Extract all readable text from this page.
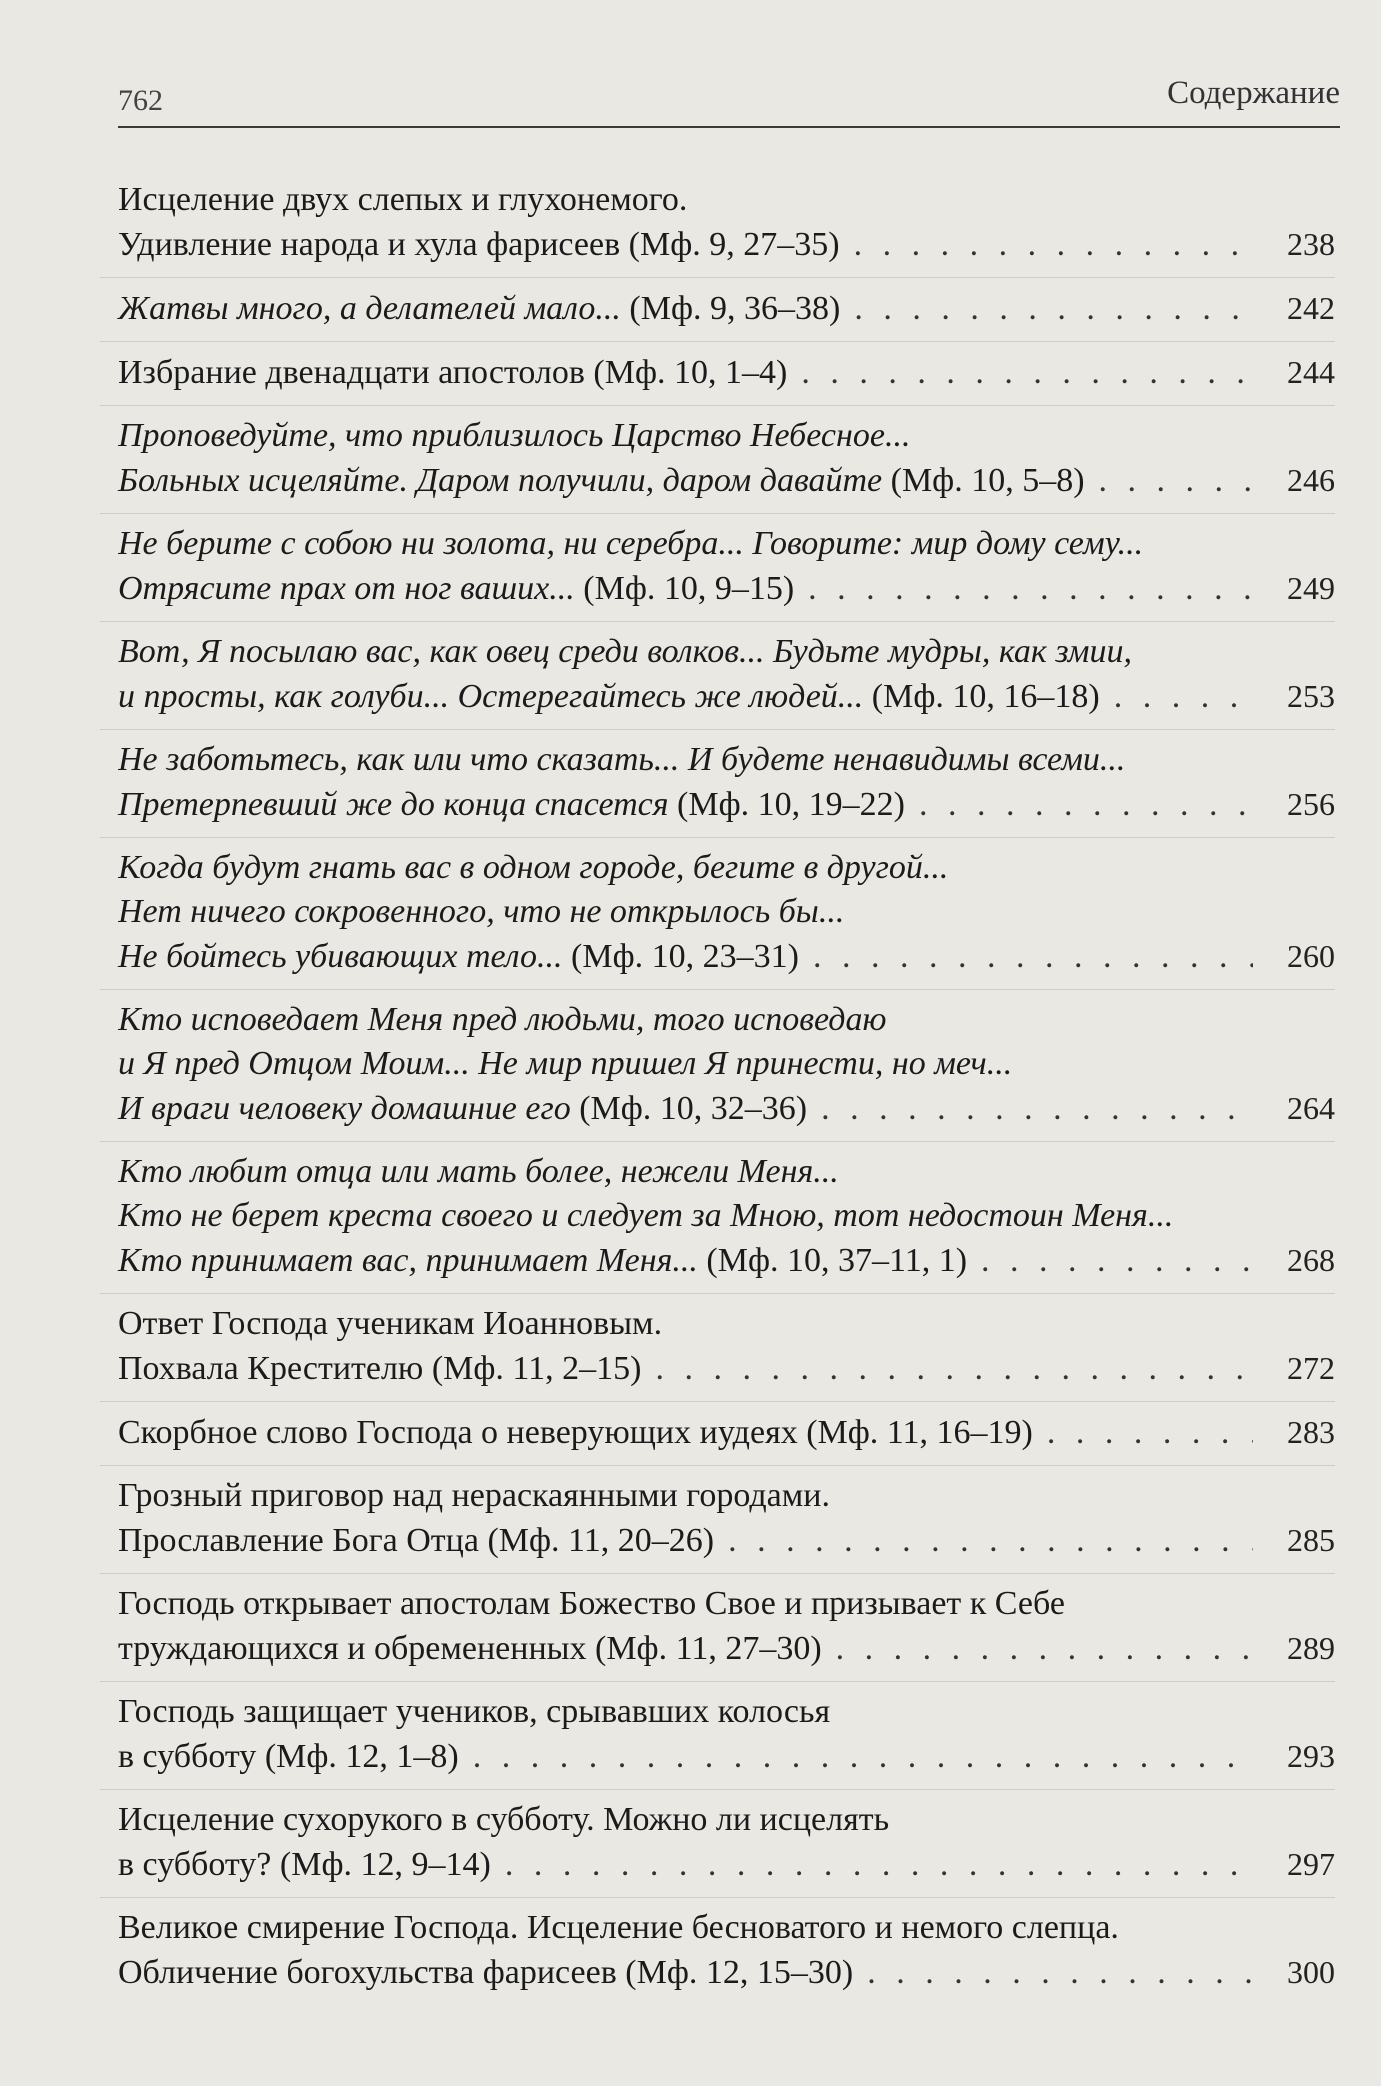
762	Содержание
Исцеление двух слепых и глухонемого.
Удивление народа и хула фарисеев (Мф. 9, 27–35) . . .	238
Жатвы много, а делателей мало... (Мф. 9, 36–38) . . .	242
Избрание двенадцати апостолов (Мф. 10, 1–4) . . .	244
Проповедуйте, что приблизилось Царство Небесное...
Больных исцеляйте. Даром получили, даром давайте (Мф. 10, 5–8) . . .	246
Не берите с собою ни золота, ни серебра... Говорите: мир дому сему...
Отрясите прах от ног ваших... (Мф. 10, 9–15) . . .	249
Вот, Я посылаю вас, как овец среди волков... Будьте мудры, как змии,
и просты, как голуби... Остерегайтесь же людей... (Мф. 10, 16–18) . . .	253
Не заботьтесь, как или что сказать... И будете ненавидимы всеми...
Претерпевший же до конца спасется (Мф. 10, 19–22) . . .	256
Когда будут гнать вас в одном городе, бегите в другой...
Нет ничего сокровенного, что не открылось бы...
Не бойтесь убивающих тело... (Мф. 10, 23–31) . . .	260
Кто исповедает Меня пред людьми, того исповедаю
и Я пред Отцом Моим... Не мир пришел Я принести, но меч...
И враги человеку домашние его (Мф. 10, 32–36) . . .	264
Кто любит отца или мать более, нежели Меня...
Кто не берет креста своего и следует за Мною, тот недостоин Меня...
Кто принимает вас, принимает Меня... (Мф. 10, 37–11, 1) . . .	268
Ответ Господа ученикам Иоанновым.
Похвала Крестителю (Мф. 11, 2–15) . . .	272
Скорбное слово Господа о неверующих иудеях (Мф. 11, 16–19) . . .	283
Грозный приговор над нераскаянными городами.
Прославление Бога Отца (Мф. 11, 20–26) . . .	285
Господь открывает апостолам Божество Свое и призывает к Себе
труждающихся и обремененных (Мф. 11, 27–30) . . .	289
Господь защищает учеников, срывавших колосья
в субботу (Мф. 12, 1–8) . . .	293
Исцеление сухорукого в субботу. Можно ли исцелять
в субботу? (Мф. 12, 9–14) . . .	297
Великое смирение Господа. Исцеление бесноватого и немого слепца.
Обличение богохульства фарисеев (Мф. 12, 15–30) . . .	300
